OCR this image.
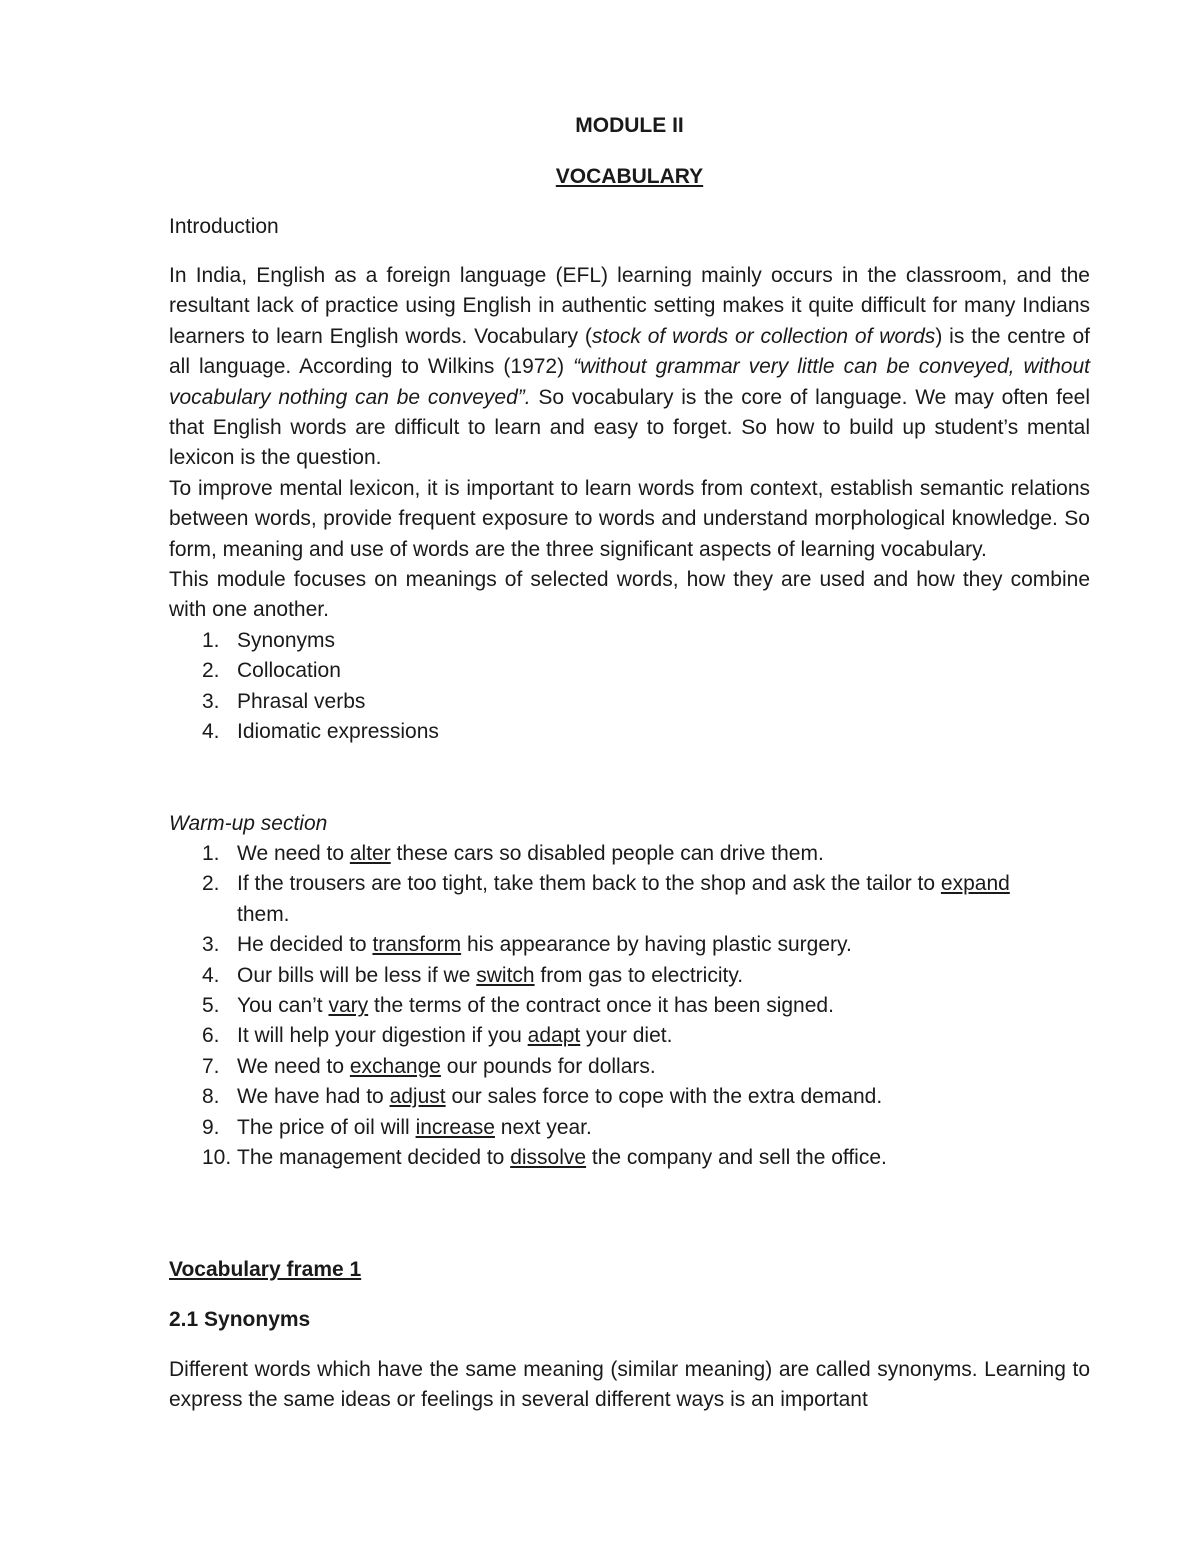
MODULE II
VOCABULARY
Introduction

In India, English as a foreign language (EFL) learning mainly occurs in the classroom, and the resultant lack of practice using English in authentic setting makes it quite difficult for many Indians learners to learn English words. Vocabulary (stock of words or collection of words) is the centre of all language. According to Wilkins (1972) “without grammar very little can be conveyed, without vocabulary nothing can be conveyed”. So vocabulary is the core of language. We may often feel that English words are difficult to learn and easy to forget. So how to build up student’s mental lexicon is the question.

To improve mental lexicon, it is important to learn words from context, establish semantic relations between words, provide frequent exposure to words and understand morphological knowledge. So form, meaning and use of words are the three significant aspects of learning vocabulary.

This module focuses on meanings of selected words, how they are used and how they combine with one another.

1. Synonyms
2. Collocation
3. Phrasal verbs
4. Idiomatic expressions
Warm-up section
1. We need to alter these cars so disabled people can drive them.
2. If the trousers are too tight, take them back to the shop and ask the tailor to expand them.
3. He decided to transform his appearance by having plastic surgery.
4. Our bills will be less if we switch from gas to electricity.
5. You can’t vary the terms of the contract once it has been signed.
6. It will help your digestion if you adapt your diet.
7. We need to exchange our pounds for dollars.
8. We have had to adjust our sales force to cope with the extra demand.
9. The price of oil will increase next year.
10. The management decided to dissolve the company and sell the office.
Vocabulary frame 1
2.1 Synonyms

Different words which have the same meaning (similar meaning) are called synonyms. Learning to express the same ideas or feelings in several different ways is an important
